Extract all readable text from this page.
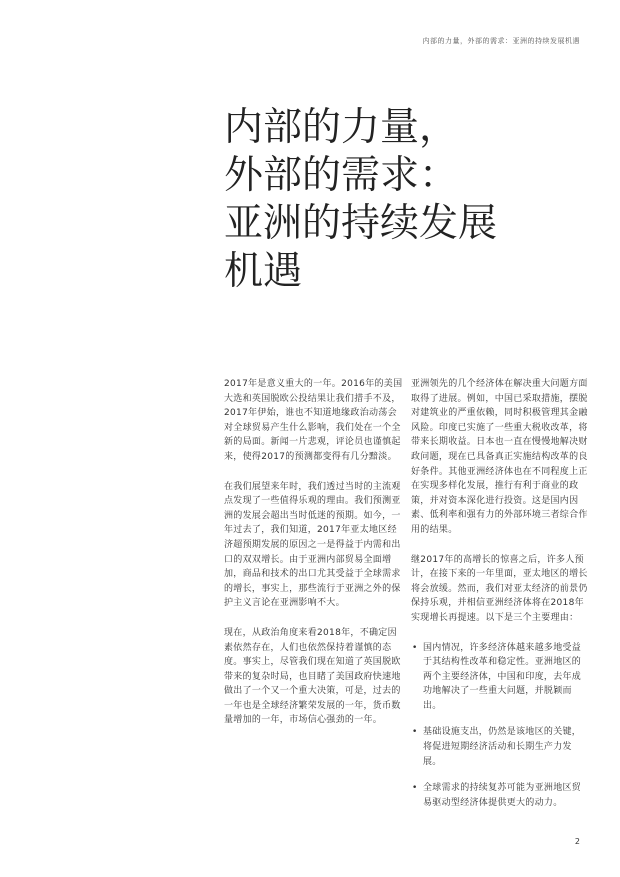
内部的力量，外部的需求：亚洲的持续发展机遇
内部的力量，
外部的需求：
亚洲的持续发展
机遇

2017年是意义重大的一年。2016年的美国大选和英国脱欧公投结果让我们措手不及，2017年伊始，谁也不知道地缘政治动荡会对全球贸易产生什么影响，我们处在一个全新的局面。新闻一片悲观，评论员也谨慎起来，使得2017的预测都变得有几分黯淡。

在我们展望来年时，我们透过当时的主流观点发现了一些值得乐观的理由。我们预测亚洲的发展会超出当时低迷的预期。如今，一年过去了，我们知道，2017年亚太地区经济超预期发展的原因之一是得益于内需和出口的双双增长。由于亚洲内部贸易全面增加，商品和技术的出口尤其受益于全球需求的增长，事实上，那些流行于亚洲之外的保护主义言论在亚洲影响不大。

现在，从政治角度来看2018年，不确定因素依然存在，人们也依然保持着谨慎的态度。事实上，尽管我们现在知道了英国脱欧带来的复杂时局，也目睹了美国政府快速地做出了一个又一个重大决策，可是，过去的一年也是全球经济繁荣发展的一年，货币数量增加的一年，市场信心强劲的一年。

亚洲领先的几个经济体在解决重大问题方面取得了进展。例如，中国已采取措施，摆脱对建筑业的严重依赖，同时积极管理其金融风险。印度已实施了一些重大税收改革，将带来长期收益。日本也一直在慢慢地解决财政问题，现在已具备真正实施结构改革的良好条件。其他亚洲经济体也在不同程度上正在实现多样化发展，推行有利于商业的政策，并对资本深化进行投资。这是国内因素、低利率和强有力的外部环境三者综合作用的结果。

继2017年的高增长的惊喜之后，许多人预计，在接下来的一年里面，亚太地区的增长将会放缓。然而，我们对亚太经济的前景仍保持乐观，并相信亚洲经济体将在2018年实现增长再提速。以下是三个主要理由：

• 国内情况，许多经济体越来越多地受益于其结构性改革和稳定性。亚洲地区的两个主要经济体，中国和印度，去年成功地解决了一些重大问题，并脱颖而出。
• 基础设施支出，仍然是该地区的关键，将促进短期经济活动和长期生产力发展。
• 全球需求的持续复苏可能为亚洲地区贸易驱动型经济体提供更大的动力。
2
